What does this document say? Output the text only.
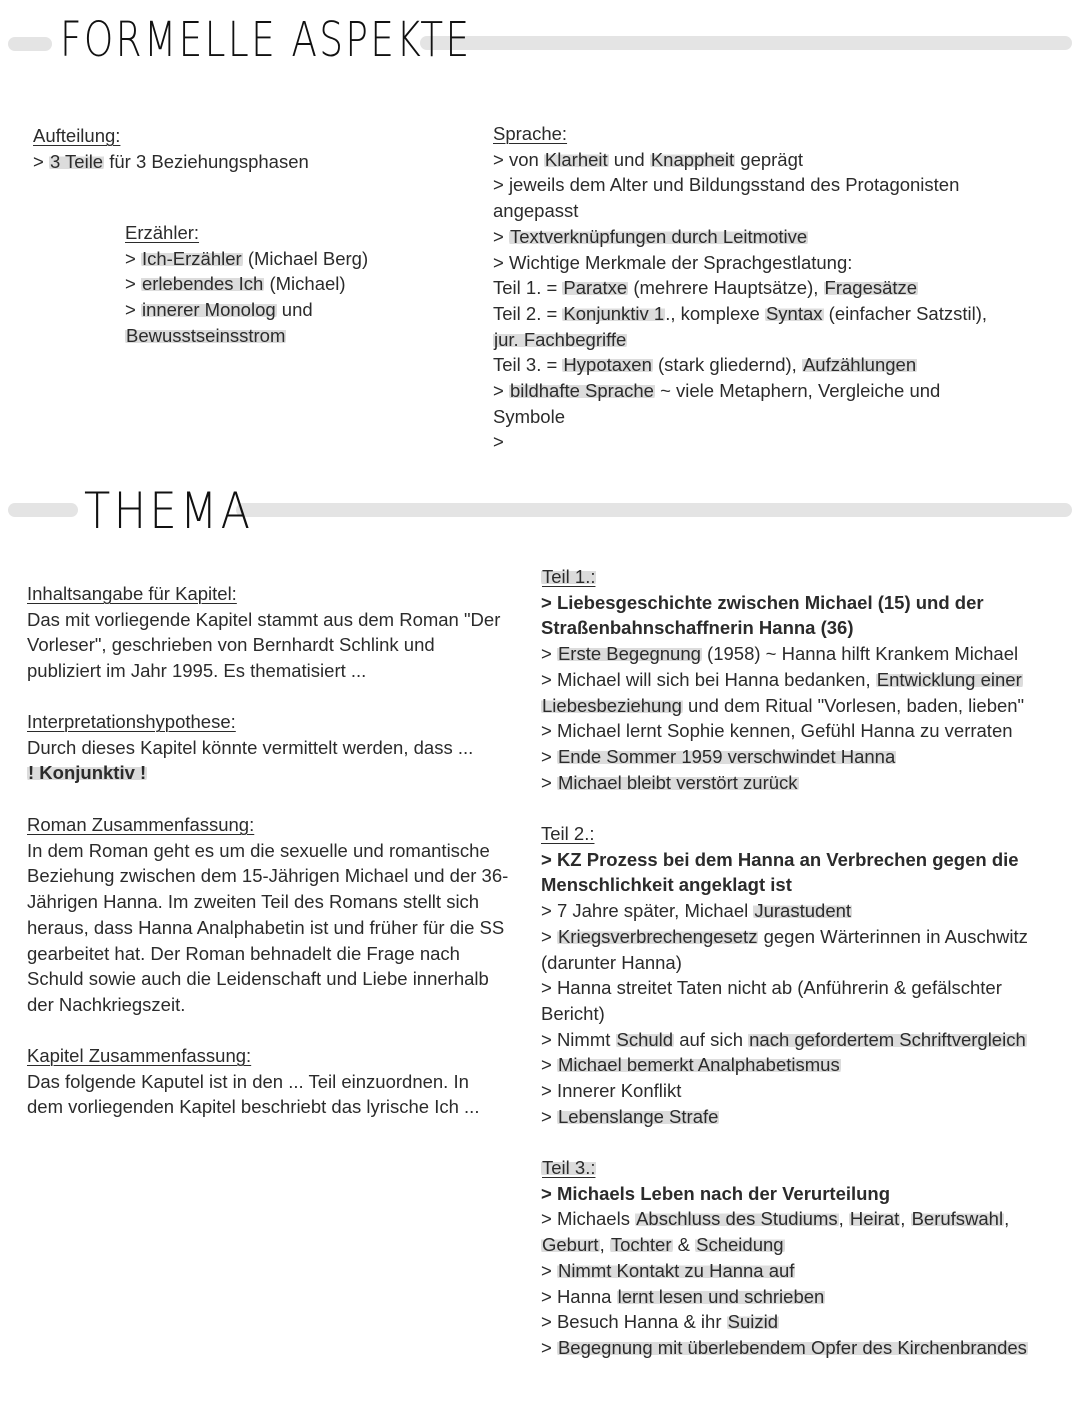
FORMELLE ASPEKTE
THEMA

Aufteilung:

> 3 Teile für 3 Beziehungsphasen

Erzähler:

> Ich-Erzähler (Michael Berg)

> erlebendes Ich (Michael)

> innerer Monolog und

Bewusstseinsstrom

Sprache:

> von Klarheit und Knappheit geprägt

> jeweils dem Alter und Bildungsstand des Protagonisten

angepasst

> Textverknüpfungen durch Leitmotive

> Wichtige Merkmale der Sprachgestlatung:

Teil 1. = Paratxe (mehrere Hauptsätze), Fragesätze

Teil 2. = Konjunktiv 1., komplexe Syntax (einfacher Satzstil),

jur. Fachbegriffe

Teil 3. = Hypotaxen (stark gliedernd), Aufzählungen

> bildhafte Sprache ~ viele Metaphern, Vergleiche und

Symbole

>

Inhaltsangabe für Kapitel:

Das mit vorliegende Kapitel stammt aus dem Roman "Der

Vorleser", geschrieben von Bernhardt Schlink und

publiziert im Jahr 1995. Es thematisiert ...

Interpretationshypothese:

Durch dieses Kapitel könnte vermittelt werden, dass ...

! Konjunktiv !

Roman Zusammenfassung:

In dem Roman geht es um die sexuelle und romantische

Beziehung zwischen dem 15-Jährigen Michael und der 36-

Jährigen Hanna. Im zweiten Teil des Romans stellt sich

heraus, dass Hanna Analphabetin ist und früher für die SS

gearbeitet hat. Der Roman behnadelt die Frage nach

Schuld sowie auch die Leidenschaft und Liebe innerhalb

der Nachkriegszeit.

Kapitel Zusammenfassung:

Das folgende Kaputel ist in den ... Teil einzuordnen. In

dem vorliegenden Kapitel beschriebt das lyrische Ich ...

Teil 1.:

> Liebesgeschichte zwischen Michael (15) und der

Straßenbahnschaffnerin Hanna (36)

> Erste Begegnung (1958) ~ Hanna hilft Krankem Michael

> Michael will sich bei Hanna bedanken, Entwicklung einer

Liebesbeziehung und dem Ritual "Vorlesen, baden, lieben"

> Michael lernt Sophie kennen, Gefühl Hanna zu verraten

> Ende Sommer 1959 verschwindet Hanna

> Michael bleibt verstört zurück

Teil 2.:

> KZ Prozess bei dem Hanna an Verbrechen gegen die

Menschlichkeit angeklagt ist

> 7 Jahre später, Michael Jurastudent

> Kriegsverbrechengesetz gegen Wärterinnen in Auschwitz

(darunter Hanna)

> Hanna streitet Taten nicht ab (Anführerin & gefälschter

Bericht)

> Nimmt Schuld auf sich nach gefordertem Schriftvergleich

> Michael bemerkt Analphabetismus

> Innerer Konflikt

> Lebenslange Strafe

Teil 3.:

> Michaels Leben nach der Verurteilung

> Michaels Abschluss des Studiums, Heirat, Berufswahl,

Geburt, Tochter & Scheidung

> Nimmt Kontakt zu Hanna auf

> Hanna lernt lesen und schrieben

> Besuch Hanna & ihr Suizid

> Begegnung mit überlebendem Opfer des Kirchenbrandes
